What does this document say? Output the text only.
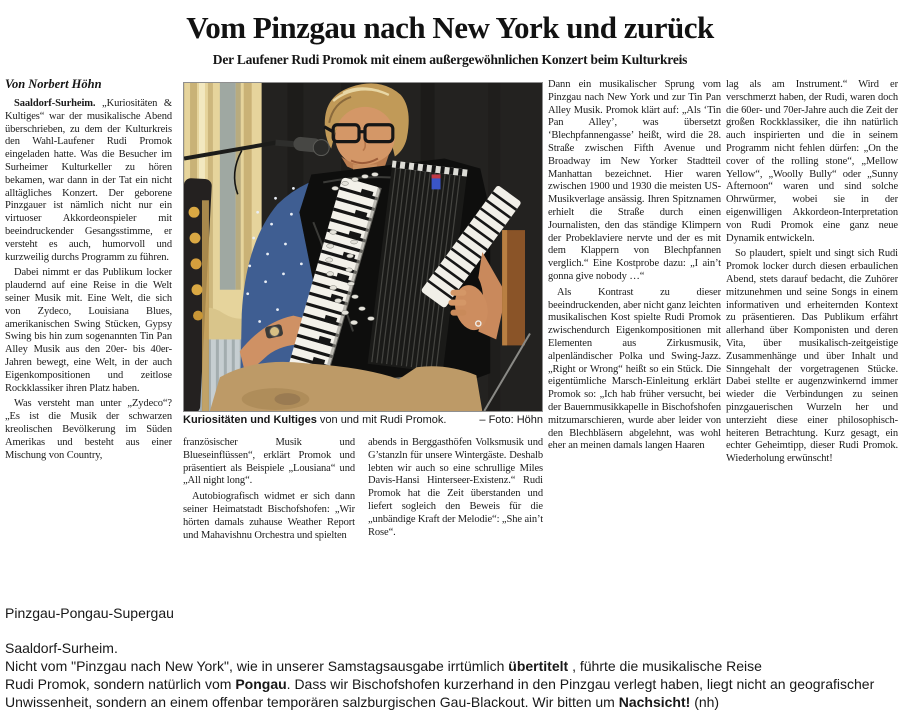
Vom Pinzgau nach New York und zurück
Der Laufener Rudi Promok mit einem außergewöhnlichen Konzert beim Kulturkreis
Von Norbert Höhn

Saaldorf-Surheim. „Kuriositäten & Kultiges“ war der musikalische Abend überschrieben, zu dem der Kulturkreis den Wahl-Laufener Rudi Promok eingeladen hatte. Was die Besucher im Surheimer Kulturkeller zu hören bekamen, war dann in der Tat ein nicht alltägliches Konzert. Der geborene Pinzgauer ist nämlich nicht nur ein virtuoser Akkordeonspieler mit beeindruckender Gesangsstimme, er versteht es auch, humorvoll und kurzweilig durchs Programm zu führen.

Dabei nimmt er das Publikum locker plaudernd auf eine Reise in die Welt seiner Musik mit. Eine Welt, die sich von Zydeco, Louisiana Blues, amerikanischen Swing Stücken, Gypsy Swing bis hin zum sogenannten Tin Pan Alley Musik aus den 20er- bis 40er-Jahren bewegt, eine Welt, in der auch Eigenkompositionen und zeitlose Rockklassiker ihren Platz haben.

Was versteht man unter „Zydeco“? „Es ist die Musik der schwarzen kreolischen Bevölkerung im Süden Amerikas und besteht aus einer Mischung von Country,

Kuriositäten und Kultiges von und mit Rudi Promok.	– Foto: Höhn

französischer Musik und Blueseinflüssen“, erklärt Promok und präsentiert als Beispiele „Lousiana“ und „All night long“.

Autobiografisch widmet er sich dann seiner Heimatstadt Bischofshofen: „Wir hörten damals zuhause Weather Report und Mahavishnu Orchestra und spielten

abends in Berggasthöfen Volksmusik und G’stanzln für unsere Wintergäste. Deshalb lebten wir auch so eine schrullige Miles Davis-Hansi Hinterseer-Existenz.“ Rudi Promok hat die Zeit überstanden und liefert sogleich den Beweis für die „unbändige Kraft der Melodie“: „She ain’t Rose“.

Dann ein musikalischer Sprung vom Pinzgau nach New York und zur Tin Pan Alley Musik. Promok klärt auf: „Als ‘Tin Pan Alley’, was übersetzt ‘Blechpfannengasse’ heißt, wird die 28. Straße zwischen Fifth Avenue und Broadway im New Yorker Stadtteil Manhattan bezeichnet. Hier waren zwischen 1900 und 1930 die meisten US-Musikverlage ansässig. Ihren Spitznamen erhielt die Straße durch einen Journalisten, den das ständige Klimpern der Probeklaviere nervte und der es mit dem Klappern von Blechpfannen verglich.“ Eine Kostprobe dazu: „I ain’t gonna give nobody …“

Als Kontrast zu dieser beeindruckenden, aber nicht ganz leichten musikalischen Kost spielte Rudi Promok zwischendurch Eigenkompositionen mit Elementen aus Zirkusmusik, alpenländischer Polka und Swing-Jazz. „Right or Wrong“ heißt so ein Stück. Die eigentümliche Marsch-Einleitung erklärt Promok so: „Ich hab früher versucht, bei der Bauernmusikkapelle in Bischofshofen mitzumarschieren, wurde aber leider von den Blechbläsern abgelehnt, was wohl eher an meinen damals langen Haaren

lag als am Instrument.“ Wird er verschmerzt haben, der Rudi, waren doch die 60er- und 70er-Jahre auch die Zeit der großen Rockklassiker, die ihn natürlich auch inspirierten und die in seinem Programm nicht fehlen dürfen: „On the cover of the rolling stone“, „Mellow Yellow“, „Woolly Bully“ oder „Sunny Afternoon“ waren und sind solche Ohrwürmer, wobei sie in der eigenwilligen Akkordeon-Interpretation von Rudi Promok eine ganz neue Dynamik entwickeln.

So plaudert, spielt und singt sich Rudi Promok locker durch diesen erbaulichen Abend, stets darauf bedacht, die Zuhörer mitzunehmen und seine Songs in einem informativen und erheiternden Kontext zu präsentieren. Das Publikum erfährt allerhand über Komponisten und deren Vita, über musikalisch-zeitgeistige Zusammenhänge und über Inhalt und Sinngehalt der vorgetragenen Stücke. Dabei stellte er augenzwinkernd immer wieder die Verbindungen zu seinen pinzgauerischen Wurzeln her und unterzieht diese einer philosophisch-heiteren Betrachtung. Kurz gesagt, ein echter Geheimtipp, dieser Rudi Promok. Wiederholung erwünscht!

Pinzgau-Pongau-Supergau
Saaldorf-Surheim.
Nicht vom "Pinzgau nach New York", wie in unserer Samstagsausgabe irrtümlich übertitelt , führte die musikalische Reise
Rudi Promok, sondern natürlich vom Pongau. Dass wir Bischofshofen kurzerhand in den Pinzgau verlegt haben, liegt nicht an geografischer
Unwissenheit, sondern an einem offenbar temporären salzburgischen Gau-Blackout. Wir bitten um Nachsicht! (nh)
